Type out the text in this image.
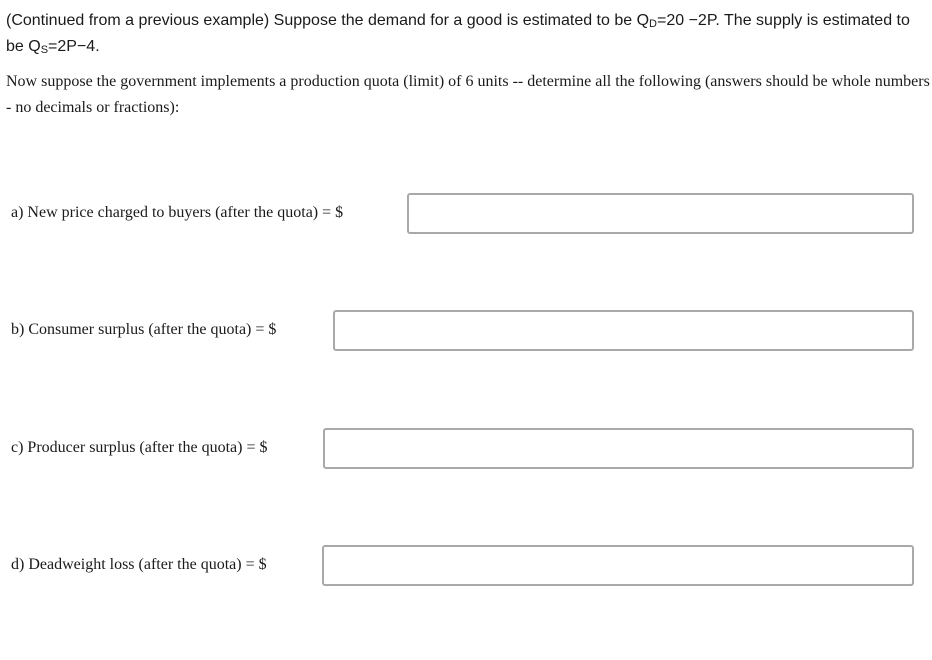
(Continued from a previous example) Suppose the demand for a good is estimated to be $Q_D=20 -2P$. The supply is estimated to be $Q_S=2P-4$.

Now suppose the government implements a production quota (limit) of 6 units -- determine all the following (answers should be whole numbers - no decimals or fractions):

a) New price charged to buyers (after the quota) = $
b) Consumer surplus (after the quota) = $
c) Producer surplus (after the quota) = $
d) Deadweight loss (after the quota) = $
